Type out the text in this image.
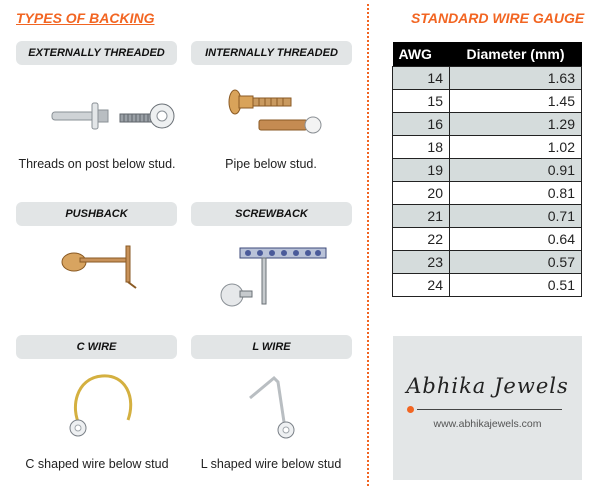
TYPES OF BACKING	STANDARD WIRE GAUGE
EXTERNALLY THREADED	INTERNALLY THREADED
Threads on post below stud.	Pipe below stud.
PUSHBACK	SCREWBACK
C WIRE	L WIRE
C shaped wire below stud	L shaped wire below stud
AWG	Diameter (mm)
14	1.63
15	1.45
16	1.29
18	1.02
19	0.91
20	0.81
21	0.71
22	0.64
23	0.57
24	0.51
Abhika Jewels
www.abhikajewels.com
